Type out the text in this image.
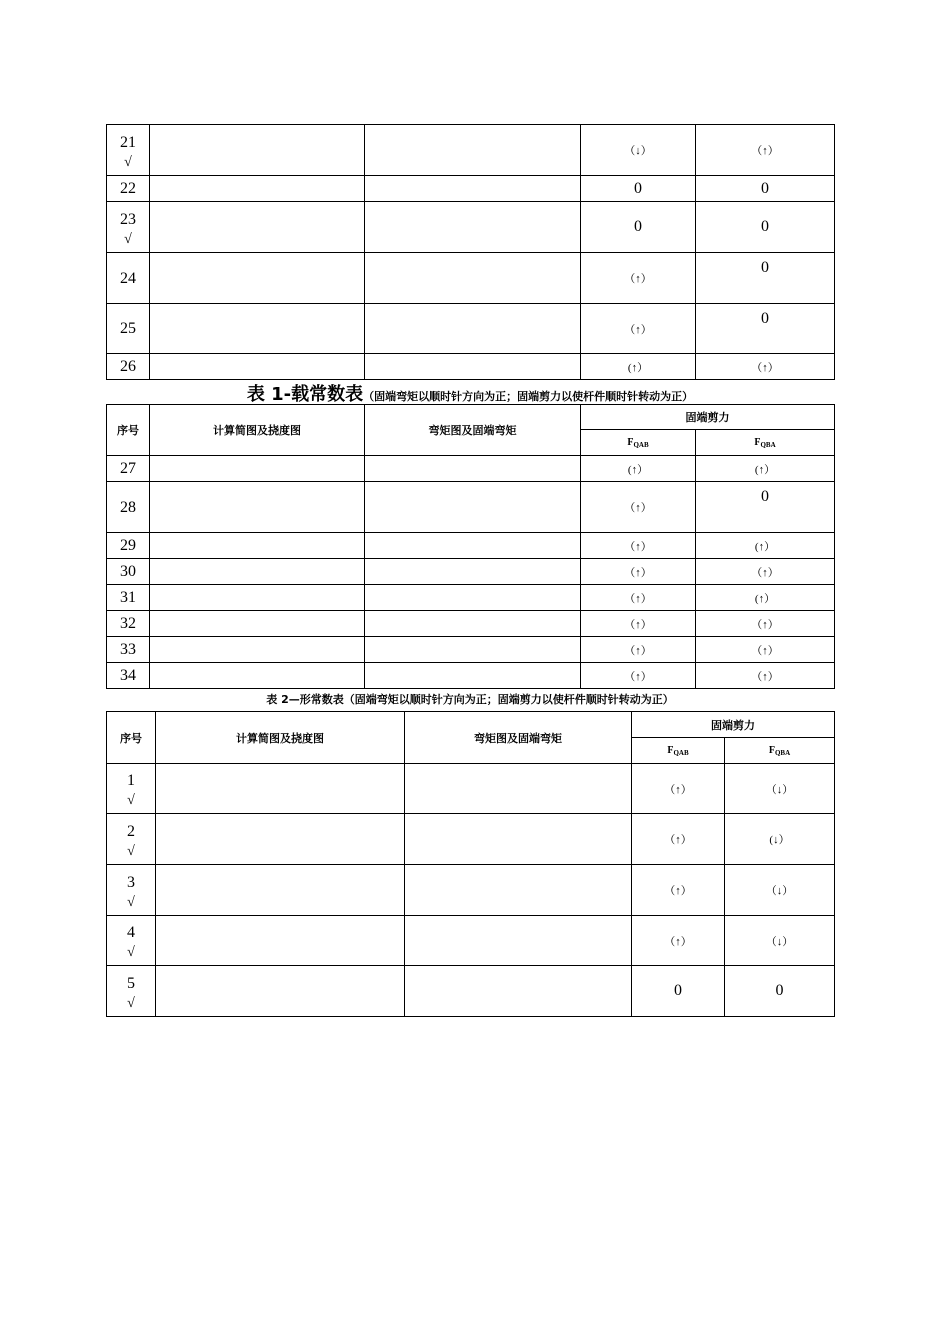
21
√			（↓）	（↑）
22			0	0

23
√			0	0
24			（↑）	0
25			（↑）	0
26			(↑）	（↑）
表 1-载常数表（固端弯矩以顺时针方向为正；固端剪力以使杆件顺时针转动为正）
序号	计算简图及挠度图	弯矩图及固端弯矩	固端剪力	
			$F_{QAB}$	$F_{QBA}$
27			(↑）	(↑）
28			（↑）	0
29			（↑）	(↑）
30			（↑）	（↑）
31			（↑）	(↑）
32			（↑）	（↑）
33			（↑）	（↑）
34			（↑）	（↑）
表 2—形常数表（固端弯矩以顺时针方向为正；固端剪力以使杆件顺时针转动为正）
序号	计算简图及挠度图	弯矩图及固端弯矩	固端剪力	
			$F_{QAB}$	$F_{QBA}$

1
√			（↑）	（↓）

2
√			（↑）	(↓）

3
√			（↑）	（↓）

4
√			（↑）	（↓）

5
√			0	0
